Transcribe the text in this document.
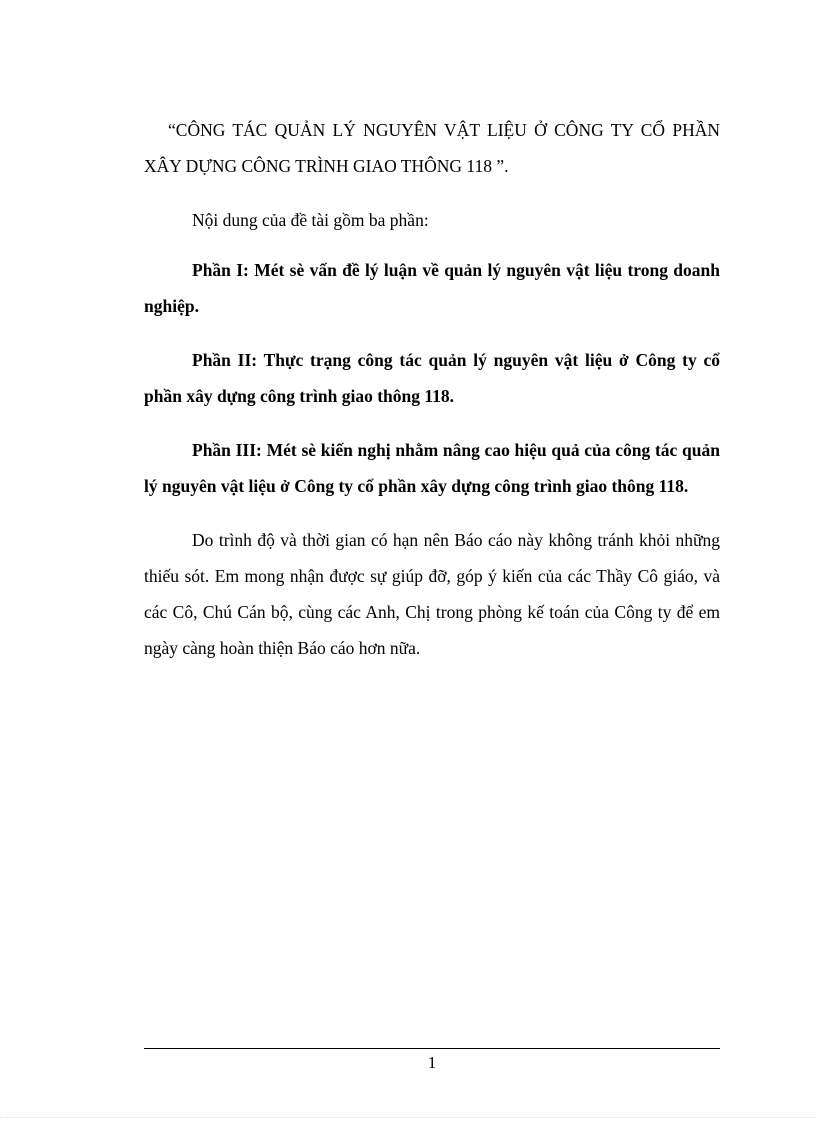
“CÔNG TÁC QUẢN LÝ NGUYÊN VẬT LIỆU Ở CÔNG TY CỔ PHẦN XÂY DỰNG CÔNG TRÌNH GIAO THÔNG 118 ”.

Nội dung của đề tài gồm ba phần:

Phần I: Mét sè vấn đề lý luận về quản lý nguyên vật liệu trong doanh nghiệp.

Phần II: Thực trạng công tác quản lý nguyên vật liệu ở Công ty cổ phần xây dựng công trình giao thông 118.

Phần III: Mét sè kiến nghị nhằm nâng cao hiệu quả của công tác quản lý nguyên vật liệu ở Công ty cổ phần xây dựng công trình giao thông 118.

Do trình độ và thời gian có hạn nên Báo cáo này không tránh khỏi những thiếu sót. Em mong nhận được sự giúp đỡ, góp ý kiến của các Thầy Cô giáo, và các Cô, Chú Cán bộ, cùng các Anh, Chị trong phòng kế toán của Công ty để em ngày càng hoàn thiện Báo cáo hơn nữa.

1
